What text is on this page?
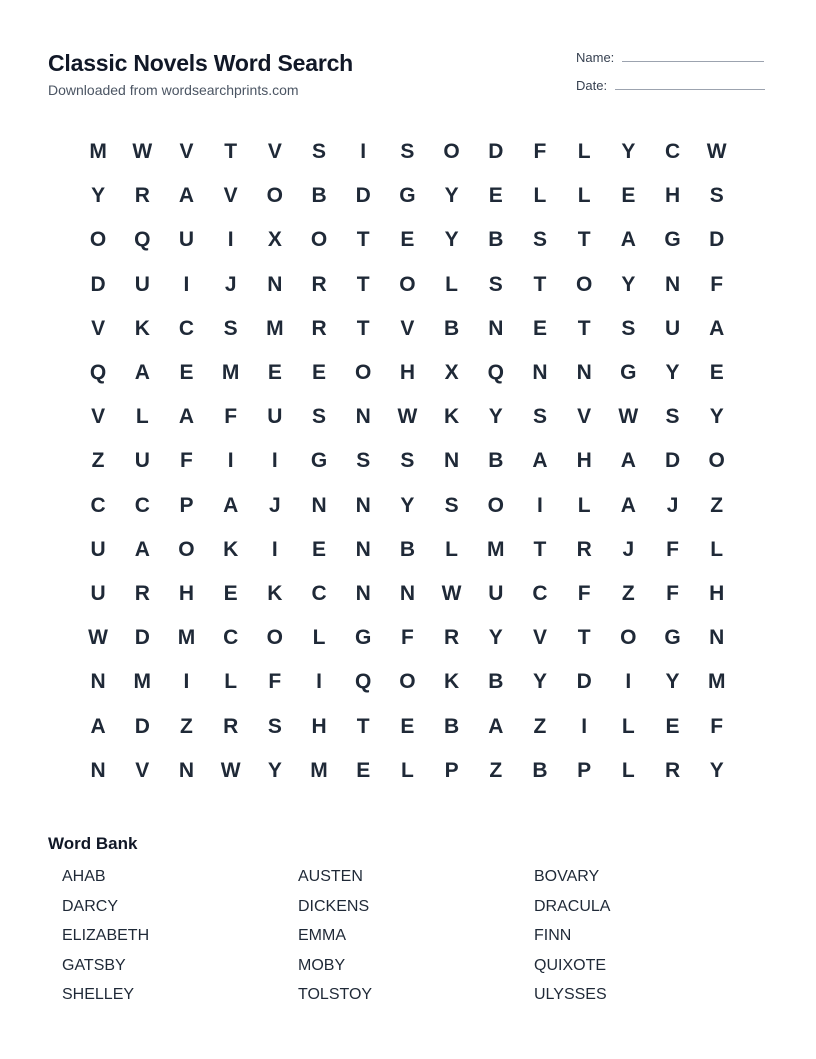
Classic Novels Word Search
Downloaded from wordsearchprints.com
Name:
Date:
M	W	V	T	V	S	I	S	O	D	F	L	Y	C	W
Y	R	A	V	O	B	D	G	Y	E	L	L	E	H	S
O	Q	U	I	X	O	T	E	Y	B	S	T	A	G	D
D	U	I	J	N	R	T	O	L	S	T	O	Y	N	F
V	K	C	S	M	R	T	V	B	N	E	T	S	U	A
Q	A	E	M	E	E	O	H	X	Q	N	N	G	Y	E
V	L	A	F	U	S	N	W	K	Y	S	V	W	S	Y
Z	U	F	I	I	G	S	S	N	B	A	H	A	D	O
C	C	P	A	J	N	N	Y	S	O	I	L	A	J	Z
U	A	O	K	I	E	N	B	L	M	T	R	J	F	L
U	R	H	E	K	C	N	N	W	U	C	F	Z	F	H
W	D	M	C	O	L	G	F	R	Y	V	T	O	G	N
N	M	I	L	F	I	Q	O	K	B	Y	D	I	Y	M
A	D	Z	R	S	H	T	E	B	A	Z	I	L	E	F
N	V	N	W	Y	M	E	L	P	Z	B	P	L	R	Y
Word Bank
AHAB	AUSTEN	BOVARY
DARCY	DICKENS	DRACULA
ELIZABETH	EMMA	FINN
GATSBY	MOBY	QUIXOTE
SHELLEY	TOLSTOY	ULYSSES
